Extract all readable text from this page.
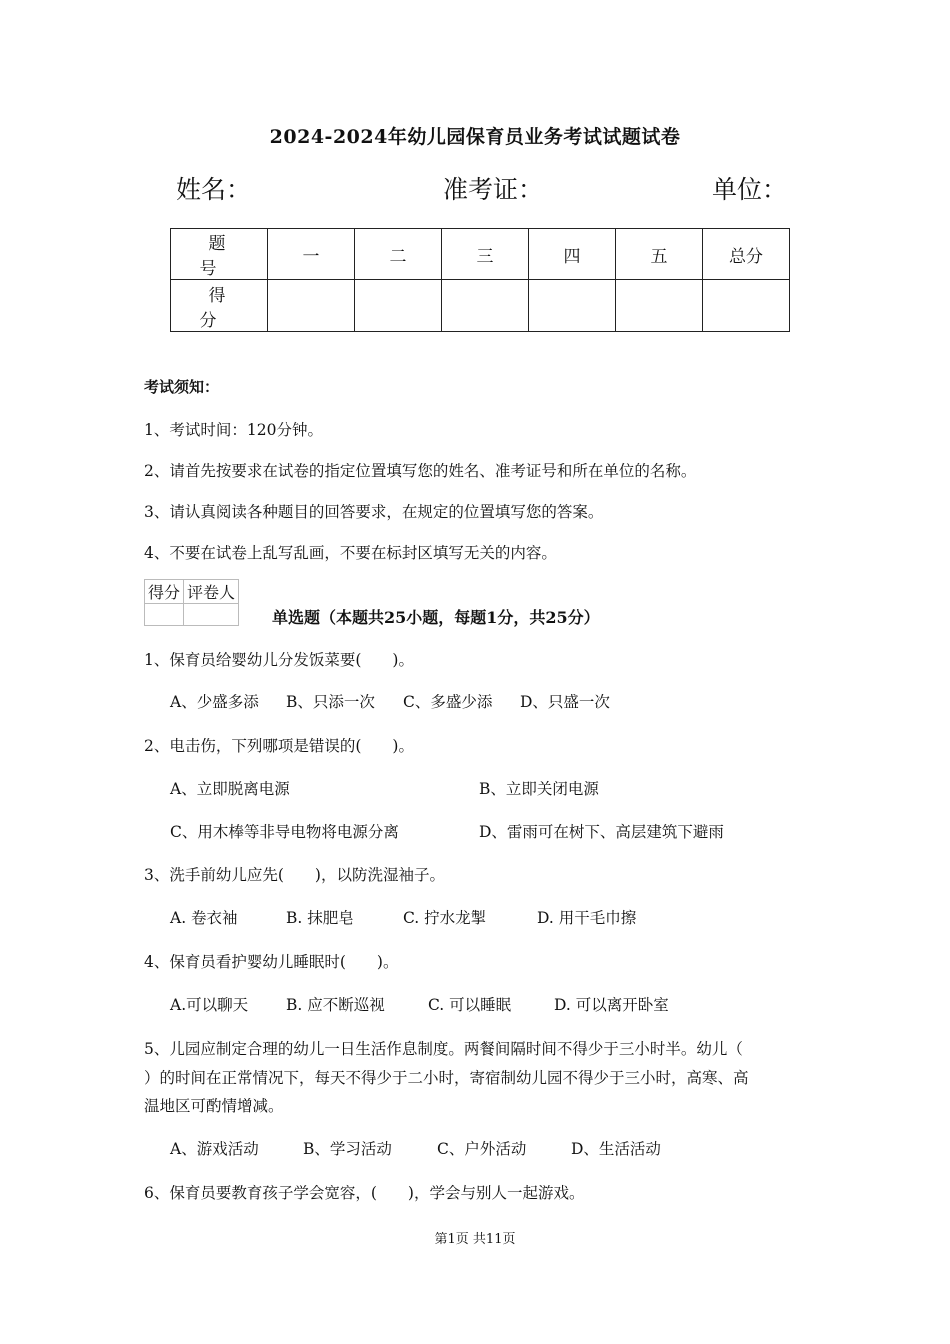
2024-2024年幼儿园保育员业务考试试题试卷
姓名：	准考证：	单位：
题　号	一	二	三	四	五	总分
得　分						
考试须知：
1、考试时间：120分钟。
2、请首先按要求在试卷的指定位置填写您的姓名、准考证号和所在单位的名称。
3、请认真阅读各种题目的回答要求，在规定的位置填写您的答案。
4、不要在试卷上乱写乱画，不要在标封区填写无关的内容。
得分	评卷人

单选题（本题共25小题，每题1分，共25分）
1、保育员给婴幼儿分发饭菜要(　　)。
A、少盛多添 B、只添一次 C、多盛少添 D、只盛一次
2、电击伤，下列哪项是错误的(　　)。
A、立即脱离电源	B、立即关闭电源
C、用木棒等非导电物将电源分离	D、雷雨可在树下、高层建筑下避雨
3、洗手前幼儿应先(　　)，以防洗湿袖子。
A. 卷衣袖	B. 抹肥皂	C. 拧水龙掣	D. 用干毛巾擦
4、保育员看护婴幼儿睡眠时(　　)。
A.可以聊天 B. 应不断巡视	C. 可以睡眠	D. 可以离开卧室
5、儿园应制定合理的幼儿一日生活作息制度。两餐间隔时间不得少于三小时半。幼儿（
）的时间在正常情况下，每天不得少于二小时，寄宿制幼儿园不得少于三小时，高寒、高
温地区可酌情增减。
A、游戏活动	B、学习活动	C、户外活动	D、生活活动
6、保育员要教育孩子学会宽容，(　　)，学会与别人一起游戏。
第1页 共11页
